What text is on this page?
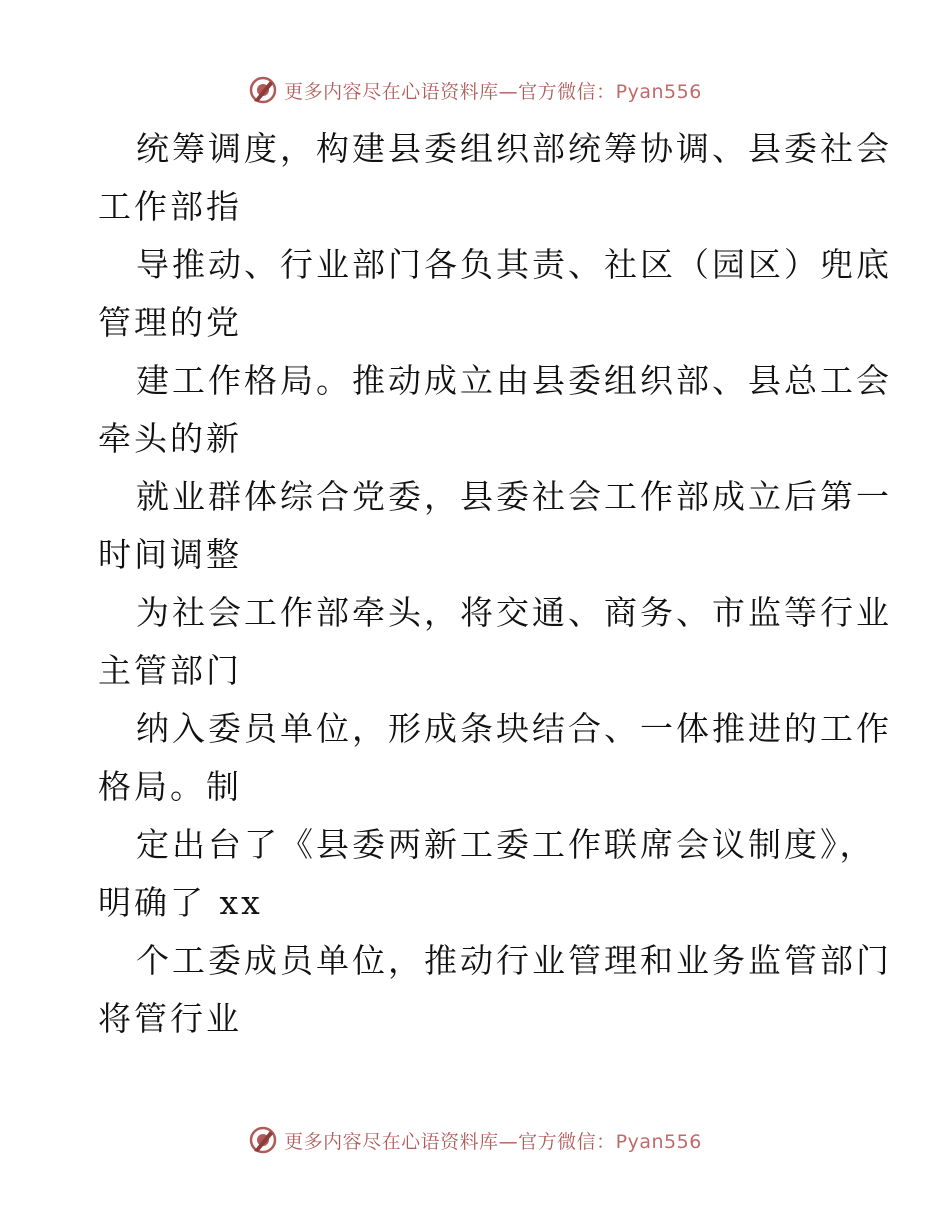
更多内容尽在心语资料库—官方微信：Pyan556
统筹调度，构建县委组织部统筹协调、县委社会
工作部指
导推动、行业部门各负其责、社区（园区）兜底
管理的党
建工作格局。推动成立由县委组织部、县总工会
牵头的新
就业群体综合党委，县委社会工作部成立后第一
时间调整
为社会工作部牵头，将交通、商务、市监等行业
主管部门
纳入委员单位，形成条块结合、一体推进的工作
格局。制
定出台了《县委两新工委工作联席会议制度》，
明确了 xx
个工委成员单位，推动行业管理和业务监管部门
将管行业
更多内容尽在心语资料库—官方微信：Pyan556
